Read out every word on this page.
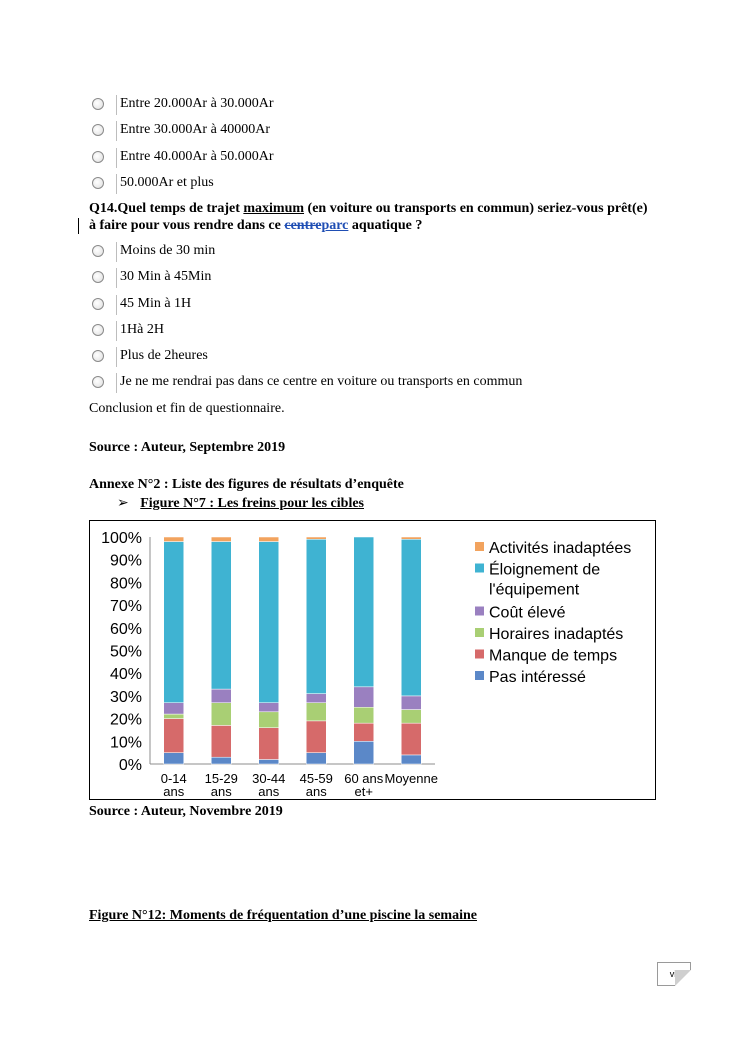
Entre 20.000Ar à 30.000Ar
Entre 30.000Ar à 40000Ar
Entre 40.000Ar à 50.000Ar
50.000Ar et plus
Q14.Quel temps de trajet maximum (en voiture ou transports en commun) seriez-vous prêt(e) à faire pour vous rendre dans ce centreparc aquatique ?
Moins de 30 min
30 Min à 45Min
45 Min à 1H
1Hà 2H
Plus de 2heures
Je ne me rendrai pas dans ce centre en voiture ou transports en commun
Conclusion et fin de questionnaire.
Source : Auteur, Septembre 2019
Annexe N°2 : Liste des figures de résultats d’enquête
➢ Figure N°7 : Les freins pour les cibles
0%
10%
20%
30%
40%
50%
60%
70%
80%
90%
100%
0-14
ans
15-29
ans
30-44
ans
45-59
ans
60 ans
et+
Moyenne
Activités inadaptées
Éloignement de
l'équipement
Coût élevé
Horaires inadaptés
Manque de temps
Pas intéressé
Source : Auteur, Novembre 2019
Figure N°12: Moments de fréquentation d’une piscine la semaine
vii
